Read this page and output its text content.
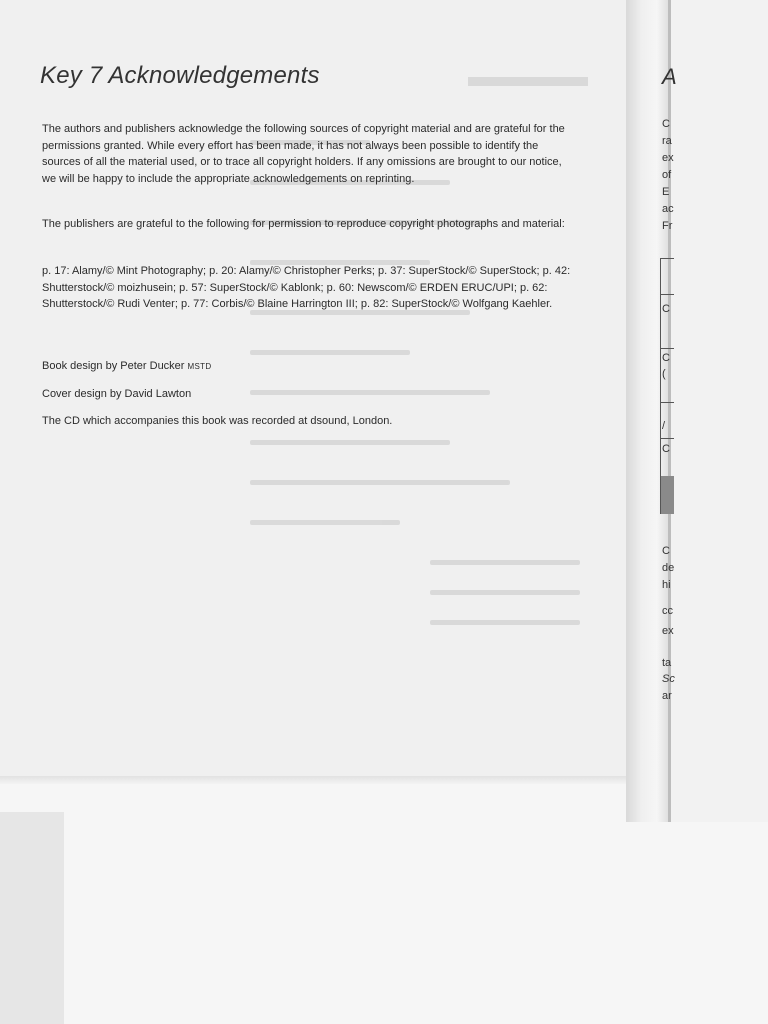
▬▬▬▬
Key 7 Acknowledgements

The authors and publishers acknowledge the following sources of copyright material and are grateful for the permissions granted. While every effort has been made, it has not always been possible to identify the sources of all the material used, or to trace all copyright holders. If any omissions are brought to our notice, we will be happy to include the appropriate acknowledgements on reprinting.

The publishers are grateful to the following for permission to reproduce copyright photographs and material:

p. 17: Alamy/© Mint Photography; p. 20: Alamy/© Christopher Perks; p. 37: SuperStock/© SuperStock; p. 42: Shutterstock/© moizhusein; p. 57: SuperStock/© Kablonk; p. 60: Newscom/© ERDEN ERUC/UPI; p. 62: Shutterstock/© Rudi Venter; p. 77: Corbis/© Blaine Harrington III; p. 82: SuperStock/© Wolfgang Kaehler.

Book design by Peter Ducker MSTD

Cover design by David Lawton

The CD which accompanies this book was recorded at dsound, London.

A
C
ra
ex
of
E
ac
Fr
C
C
(
/
C
C
de
hi
cc
ex
ta
Sc
ar
